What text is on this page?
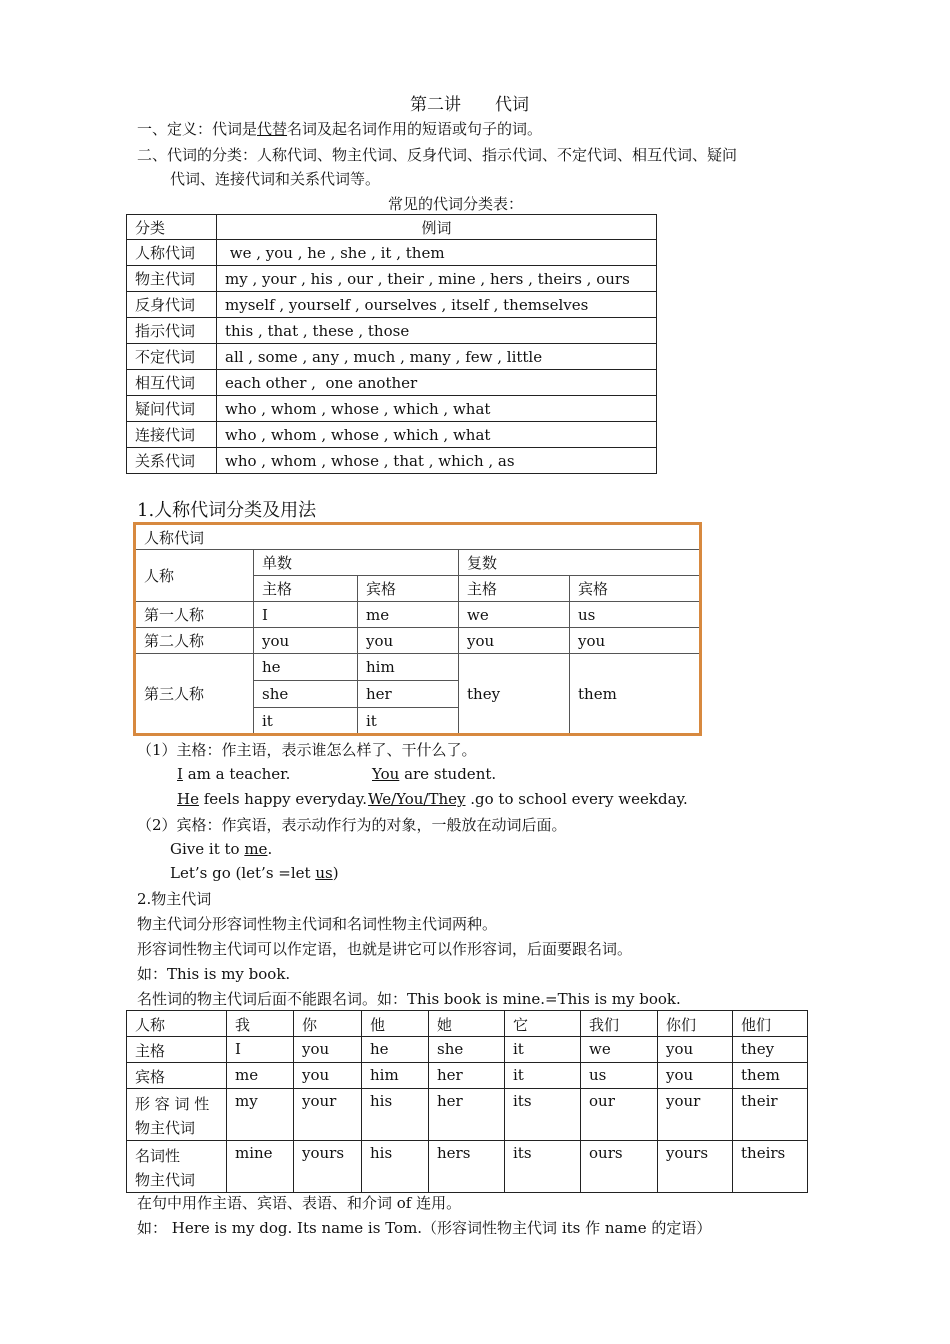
第二讲　　代词
一、定义：代词是代替名词及起名词作用的短语或句子的词。
二、代词的分类：人称代词、物主代词、反身代词、指示代词、不定代词、相互代词、疑问
代词、连接代词和关系代词等。
常见的代词分类表：
分类	例词
人称代词	we , you , he , she , it , them
物主代词	my , your , his , our , their , mine , hers , theirs , ours
反身代词	myself , yourself , ourselves , itself , themselves
指示代词	this , that , these , those
不定代词	all , some , any , much , many , few , little
相互代词	each other ,  one another
疑问代词	who , whom , whose , which , what
连接代词	who , whom , whose , which , what
关系代词	who , whom , whose , that , which , as
1.人称代词分类及用法
人称代词				
人称	单数		复数	
	主格	宾格	主格	宾格
第一人称	I	me	we	us
第二人称	you	you	you	you
第三人称	he	him	they	them
	she	her		
	it	it		
（1）主格：作主语，表示谁怎么样了、干什么了。
I am a teacher.	You are student.
He feels happy everyday. We/You/They .go to school every weekday.
（2）宾格：作宾语，表示动作行为的对象，一般放在动词后面。
Give it to me.
Let’s go (let’s =let us)
2.物主代词
物主代词分形容词性物主代词和名词性物主代词两种。
形容词性物主代词可以作定语，也就是讲它可以作形容词，后面要跟名词。
如：This is my book.
名性词的物主代词后面不能跟名词。如：This book is mine.=This is my book.
人称	我	你	他	她	它	我们	你们	他们
主格	I	you	he	she	it	we	you	they
宾格	me	you	him	her	it	us	you	them

形 容 词 性
物主代词	my	your	his	her	its	our	your	their

名词性
物主代词	mine	yours	his	hers	its	ours	yours	theirs
在句中用作主语、宾语、表语、和介词 of 连用。
如： Here is my dog. Its name is Tom.（形容词性物主代词 its 作 name 的定语）
